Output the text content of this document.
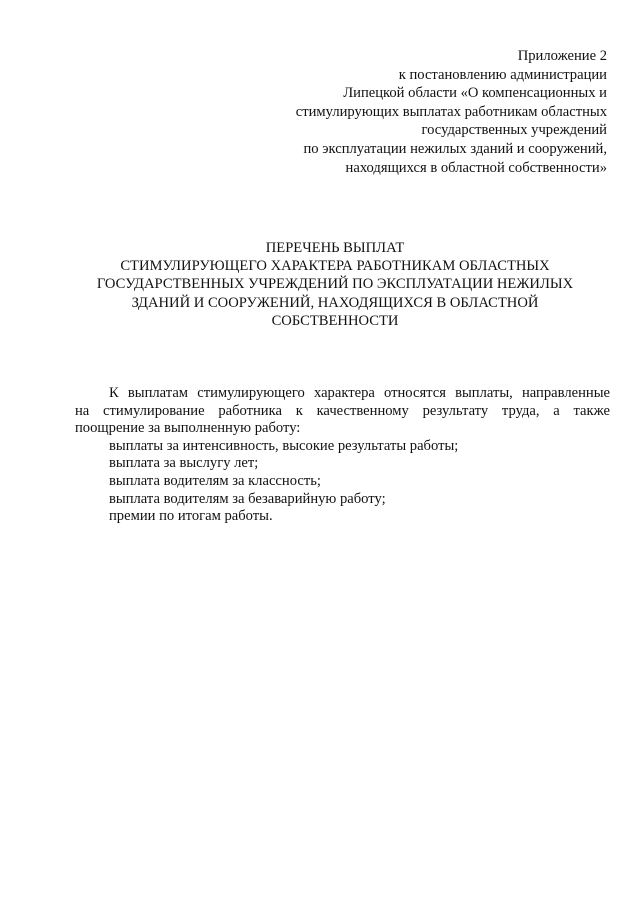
Приложение 2
к постановлению администрации
Липецкой области «О компенсационных и
стимулирующих выплатах работникам областных
государственных учреждений
по эксплуатации нежилых зданий и сооружений,
находящихся в областной собственности»
ПЕРЕЧЕНЬ ВЫПЛАТ
СТИМУЛИРУЮЩЕГО ХАРАКТЕРА РАБОТНИКАМ ОБЛАСТНЫХ
ГОСУДАРСТВЕННЫХ УЧРЕЖДЕНИЙ ПО ЭКСПЛУАТАЦИИ НЕЖИЛЫХ
ЗДАНИЙ И СООРУЖЕНИЙ, НАХОДЯЩИХСЯ В ОБЛАСТНОЙ
СОБСТВЕННОСТИ
К выплатам стимулирующего характера относятся выплаты, направленные
на стимулирование работника к качественному результату труда, а также
поощрение за выполненную работу:
выплаты за интенсивность, высокие результаты работы;
выплата за выслугу лет;
выплата водителям за классность;
выплата водителям за безаварийную работу;
премии по итогам работы.
